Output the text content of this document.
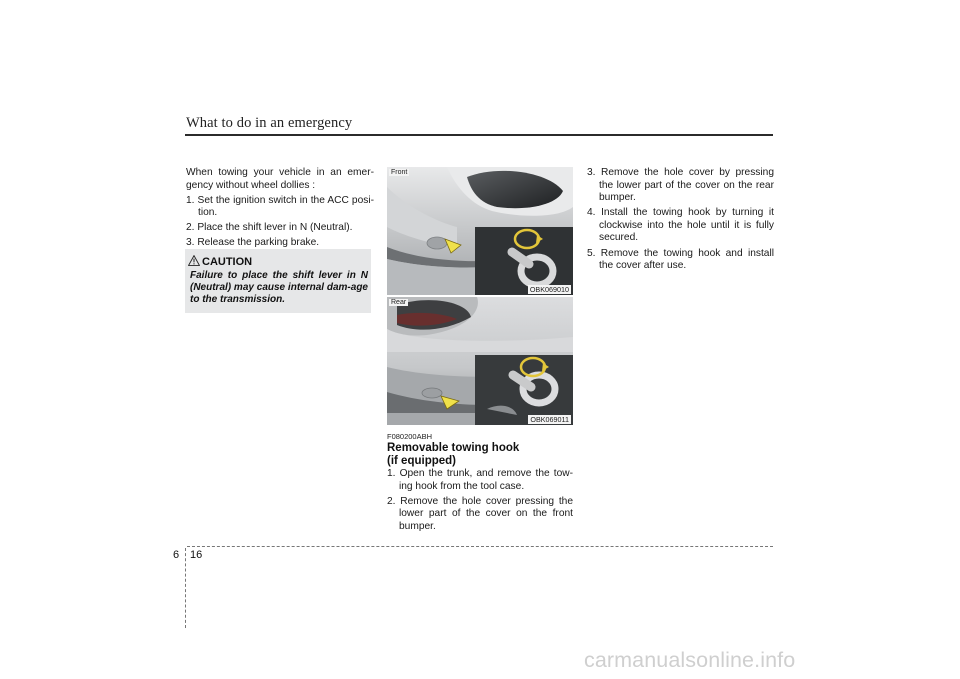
What to do in an emergency
When towing your vehicle in an emer-gency without wheel dollies :
1. Set the ignition switch in the ACC posi-tion.
2. Place the shift lever in N (Neutral).
3. Release the parking brake.
CAUTION
Failure to place the shift lever in N (Neutral) may cause internal dam-age to the transmission.
Front
OBK069010
Rear
OBK069011
F080200ABH
Removable towing hook
(if equipped)
1. Open the trunk, and remove the tow-ing hook from the tool case.
2. Remove the hole cover pressing the lower part of the cover on the front bumper.
3. Remove the hole cover by pressing the lower part of the cover on the rear bumper.
4. Install the towing hook by turning it clockwise into the hole until it is fully secured.
5. Remove the towing hook and install the cover after use.
6 16
carmanualsonline.info
